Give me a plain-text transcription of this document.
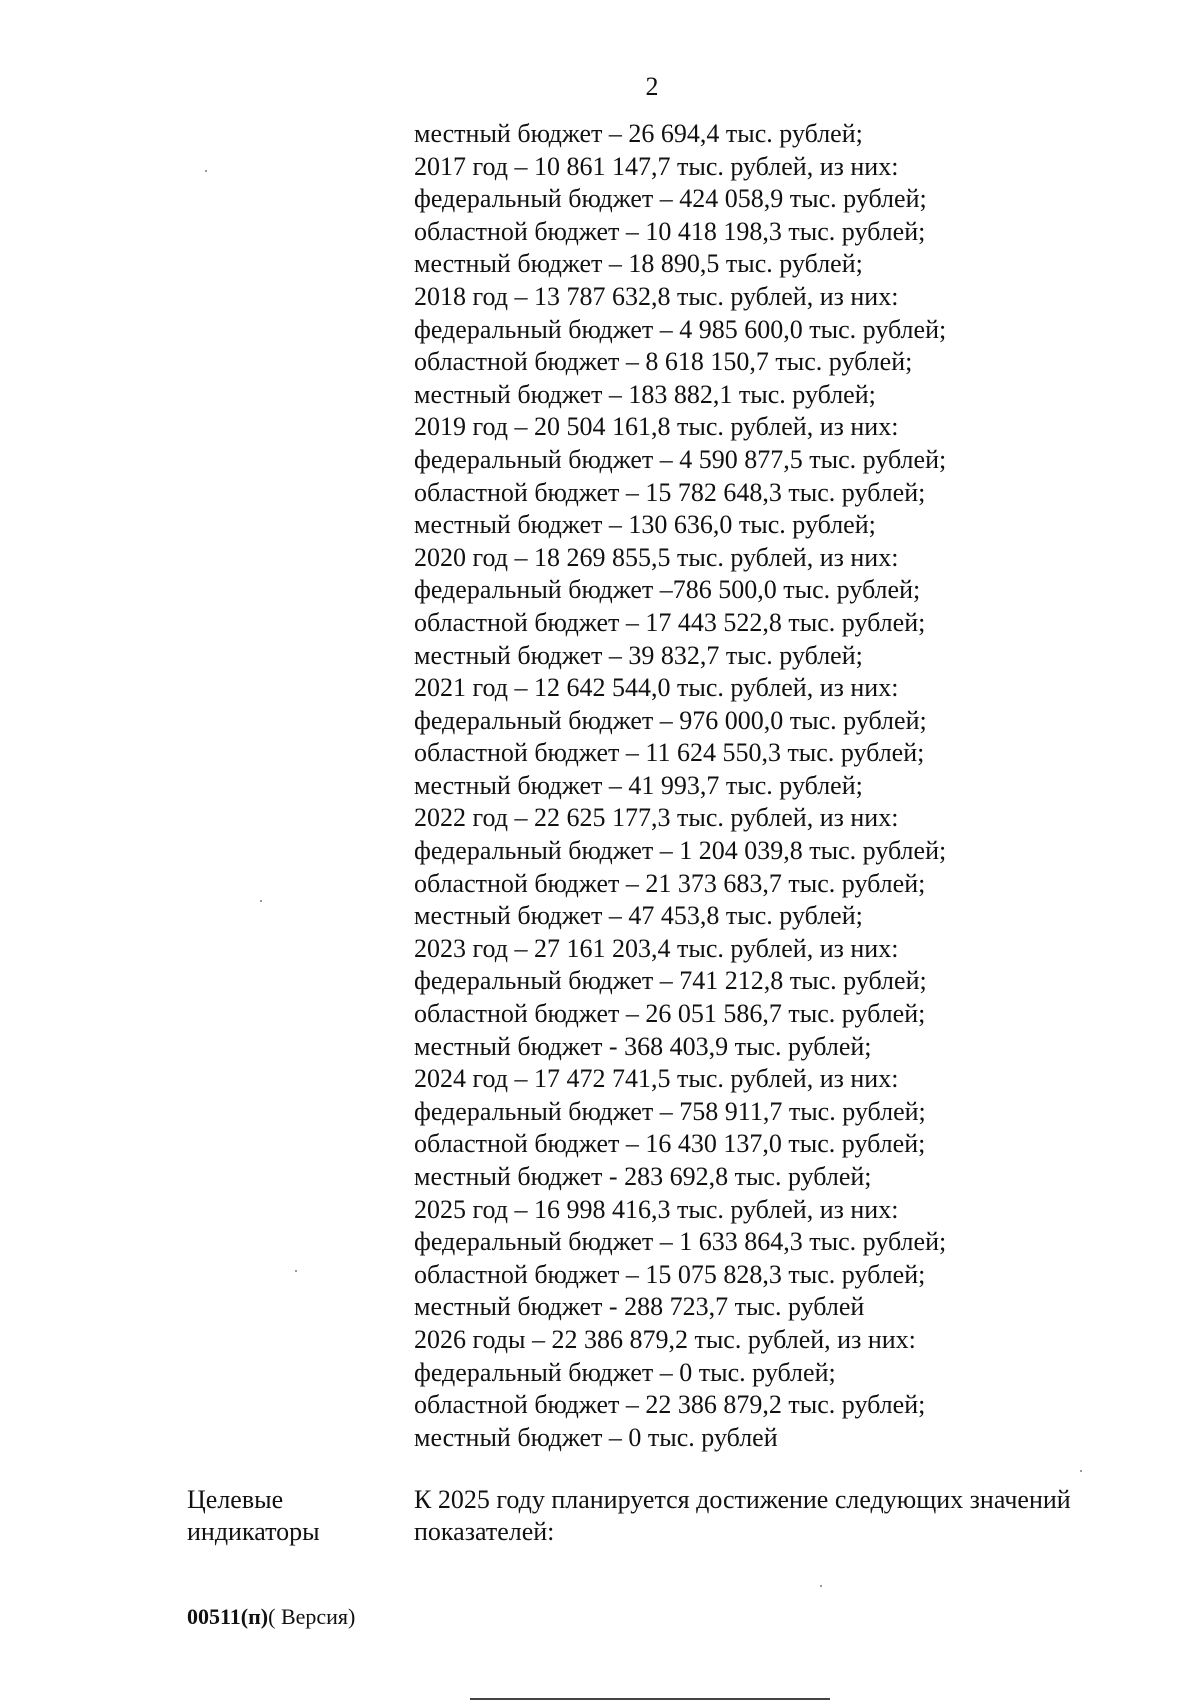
2
местный бюджет – 26 694,4 тыс. рублей;
2017 год – 10 861 147,7 тыс. рублей, из них:
федеральный бюджет – 424 058,9 тыс. рублей;
областной бюджет – 10 418 198,3 тыс. рублей;
местный бюджет – 18 890,5 тыс. рублей;
2018 год – 13 787 632,8 тыс. рублей, из них:
федеральный бюджет – 4 985 600,0 тыс. рублей;
областной бюджет – 8 618 150,7 тыс. рублей;
местный бюджет – 183 882,1 тыс. рублей;
2019 год – 20 504 161,8 тыс. рублей, из них:
федеральный бюджет – 4 590 877,5 тыс. рублей;
областной бюджет – 15 782 648,3 тыс. рублей;
местный бюджет – 130 636,0 тыс. рублей;
2020 год – 18 269 855,5 тыс. рублей, из них:
федеральный бюджет –786 500,0 тыс. рублей;
областной бюджет – 17 443 522,8 тыс. рублей;
местный бюджет – 39 832,7 тыс. рублей;
2021 год – 12 642 544,0 тыс. рублей, из них:
федеральный бюджет – 976 000,0 тыс. рублей;
областной бюджет – 11 624 550,3 тыс. рублей;
местный бюджет – 41 993,7 тыс. рублей;
2022 год – 22 625 177,3 тыс. рублей, из них:
федеральный бюджет – 1 204 039,8 тыс. рублей;
областной бюджет – 21 373 683,7 тыс. рублей;
местный бюджет – 47 453,8 тыс. рублей;
2023 год – 27 161 203,4 тыс. рублей, из них:
федеральный бюджет – 741 212,8 тыс. рублей;
областной бюджет – 26 051 586,7 тыс. рублей;
местный бюджет - 368 403,9 тыс. рублей;
2024 год – 17 472 741,5 тыс. рублей, из них:
федеральный бюджет – 758 911,7 тыс. рублей;
областной бюджет – 16 430 137,0 тыс. рублей;
местный бюджет - 283 692,8 тыс. рублей;
2025 год – 16 998 416,3 тыс. рублей, из них:
федеральный бюджет – 1 633 864,3 тыс. рублей;
областной бюджет – 15 075 828,3 тыс. рублей;
местный бюджет - 288 723,7 тыс. рублей
2026 годы – 22 386 879,2 тыс. рублей, из них:
федеральный бюджет – 0 тыс. рублей;
областной бюджет – 22 386 879,2 тыс. рублей;
местный бюджет – 0 тыс. рублей
Целевые
индикаторы
К 2025 году планируется достижение следующих значений показателей:
00511(п)( Версия)
